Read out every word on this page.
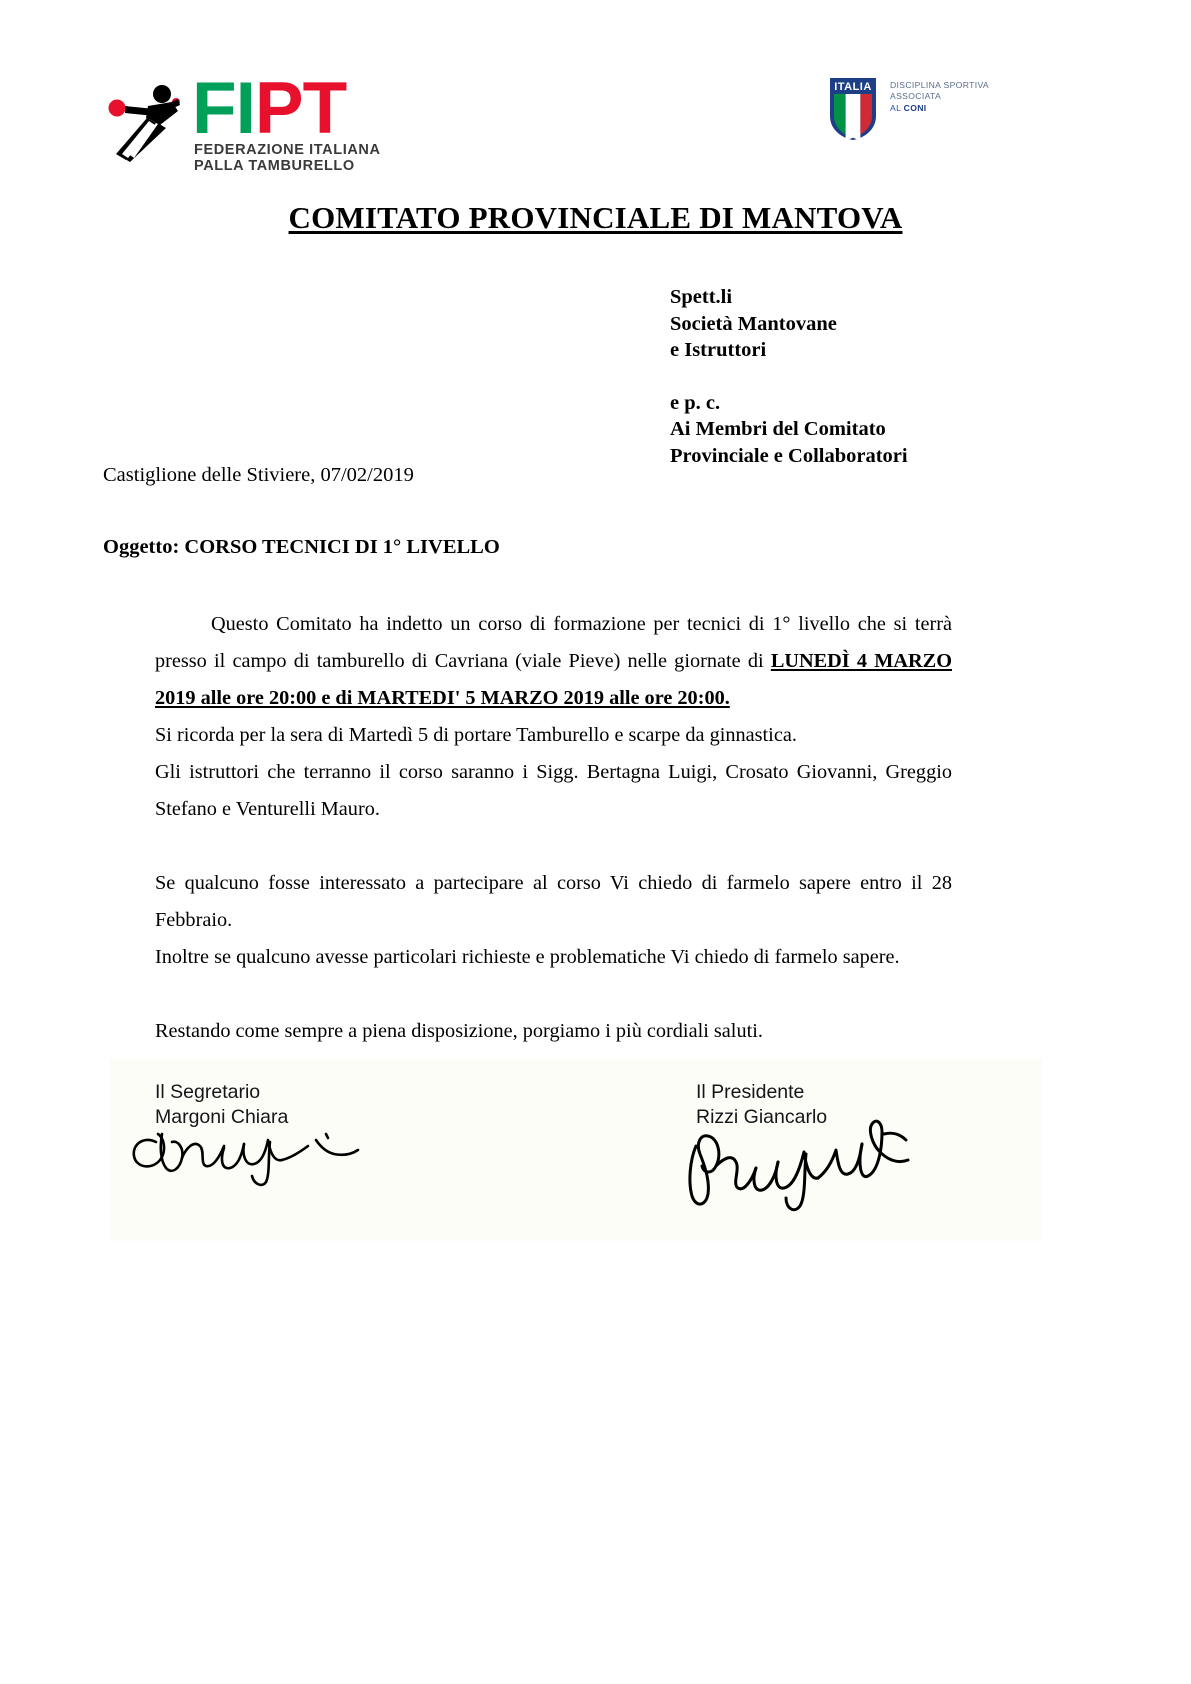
FIPT
FEDERAZIONE ITALIANA
PALLA TAMBURELLO
ITALIA DISCIPLINA SPORTIVA
ASSOCIATA
AL CONI
COMITATO PROVINCIALE DI MANTOVA
Spett.li
Società Mantovane
e Istruttori
e p. c.
Ai Membri del Comitato
Provinciale e Collaboratori
Castiglione delle Stiviere, 07/02/2019
Oggetto: CORSO TECNICI DI 1° LIVELLO

Questo Comitato ha indetto un corso di formazione per tecnici di 1° livello che si terrà presso il campo di tamburello di Cavriana (viale Pieve) nelle giornate di LUNEDÌ 4 MARZO 2019 alle ore 20:00 e di MARTEDI' 5 MARZO 2019 alle ore 20:00.

Si ricorda per la sera di Martedì 5 di portare Tamburello e scarpe da ginnastica.

Gli istruttori che terranno il corso saranno i Sigg. Bertagna Luigi, Crosato Giovanni, Greggio Stefano e Venturelli Mauro.

Se qualcuno fosse interessato a partecipare al corso Vi chiedo di farmelo sapere entro il 28 Febbraio.

Inoltre se qualcuno avesse particolari richieste e problematiche Vi chiedo di farmelo sapere.

Restando come sempre a piena disposizione, porgiamo i più cordiali saluti.

Il Segretario
Margoni Chiara
Il Presidente
Rizzi Giancarlo
